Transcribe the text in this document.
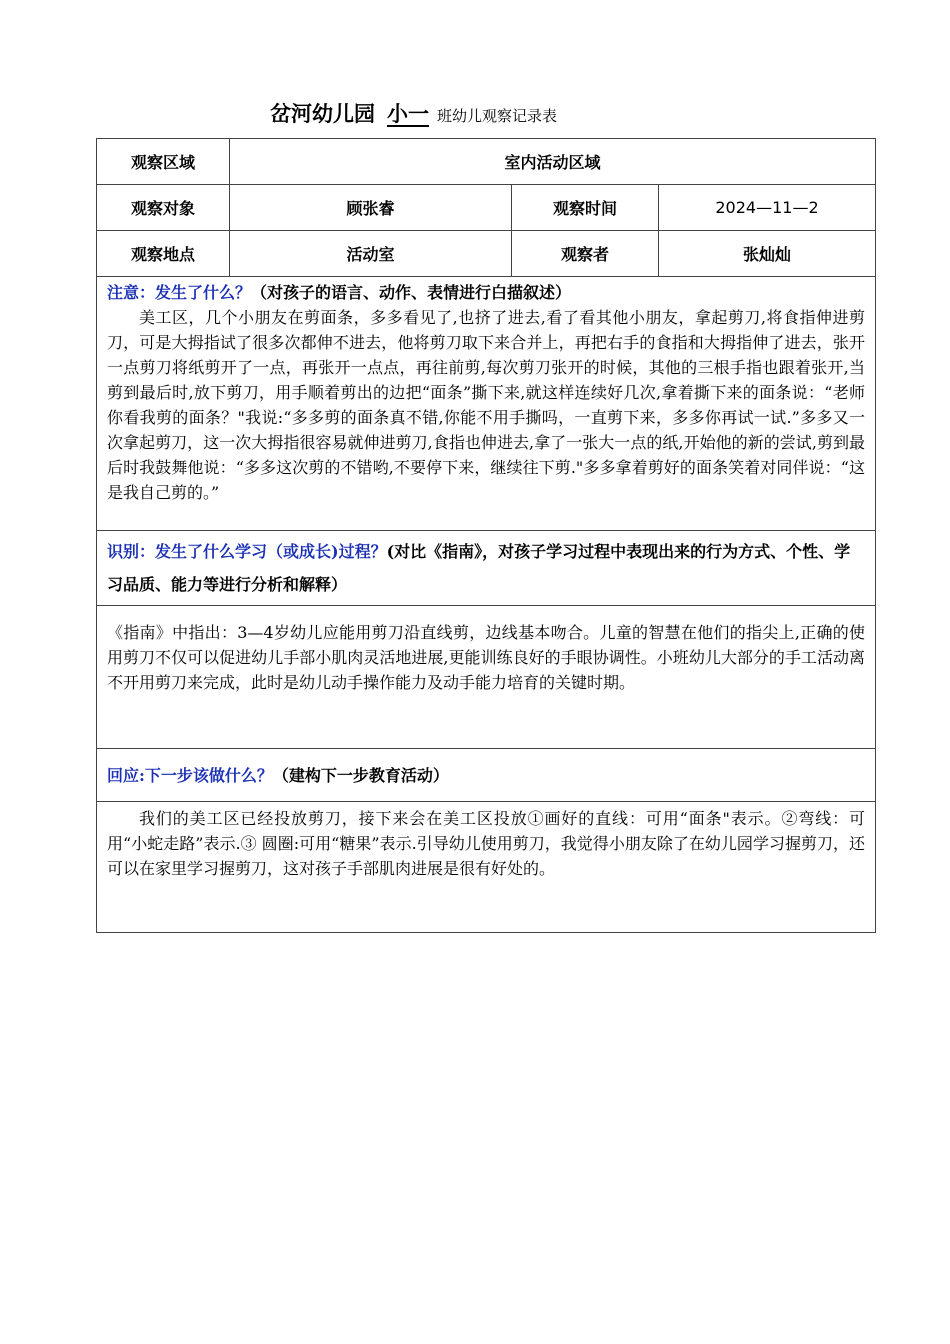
岔河幼儿园 小一 班幼儿观察记录表
观察区域	室内活动区域		
观察对象	顾张睿	观察时间	2024—11—2
观察地点	活动室	观察者	张灿灿

注意：发生了什么？（对孩子的语言、动作、表情进行白描叙述）
美工区，几个小朋友在剪面条，多多看见了,也挤了进去,看了看其他小朋友，拿起剪刀,将食指伸进剪刀，可是大拇指试了很多次都伸不进去，他将剪刀取下来合并上，再把右手的食指和大拇指伸了进去，张开一点剪刀将纸剪开了一点，再张开一点点，再往前剪,每次剪刀张开的时候，其他的三根手指也跟着张开,当剪到最后时,放下剪刀，用手顺着剪出的边把“面条”撕下来,就这样连续好几次,拿着撕下来的面条说：“老师你看我剪的面条？"我说:“多多剪的面条真不错,你能不用手撕吗，一直剪下来，多多你再试一试.”多多又一次拿起剪刀，这一次大拇指很容易就伸进剪刀,食指也伸进去,拿了一张大一点的纸,开始他的新的尝试,剪到最后时我鼓舞他说：“多多这次剪的不错哟,不要停下来，继续往下剪."多多拿着剪好的面条笑着对同伴说：“这是我自己剪的。”			

识别：发生了什么学习（或成长)过程？(对比《指南》，对孩子学习过程中表现出来的行为方式、个性、学习品质、能力等进行分析和解释）			
《指南》中指出：3—4岁幼儿应能用剪刀沿直线剪，边线基本吻合。儿童的智慧在他们的指尖上,正确的使用剪刀不仅可以促进幼儿手部小肌肉灵活地进展,更能训练良好的手眼协调性。小班幼儿大部分的手工活动离不开用剪刀来完成，此时是幼儿动手操作能力及动手能力培育的关键时期。			
回应:下一步该做什么？（建构下一步教育活动）			
我们的美工区已经投放剪刀，接下来会在美工区投放①画好的直线：可用“面条"表示。②弯线：可用“小蛇走路”表示.③ 圆圈:可用“糖果”表示.引导幼儿使用剪刀，我觉得小朋友除了在幼儿园学习握剪刀，还可以在家里学习握剪刀，这对孩子手部肌肉进展是很有好处的。			
